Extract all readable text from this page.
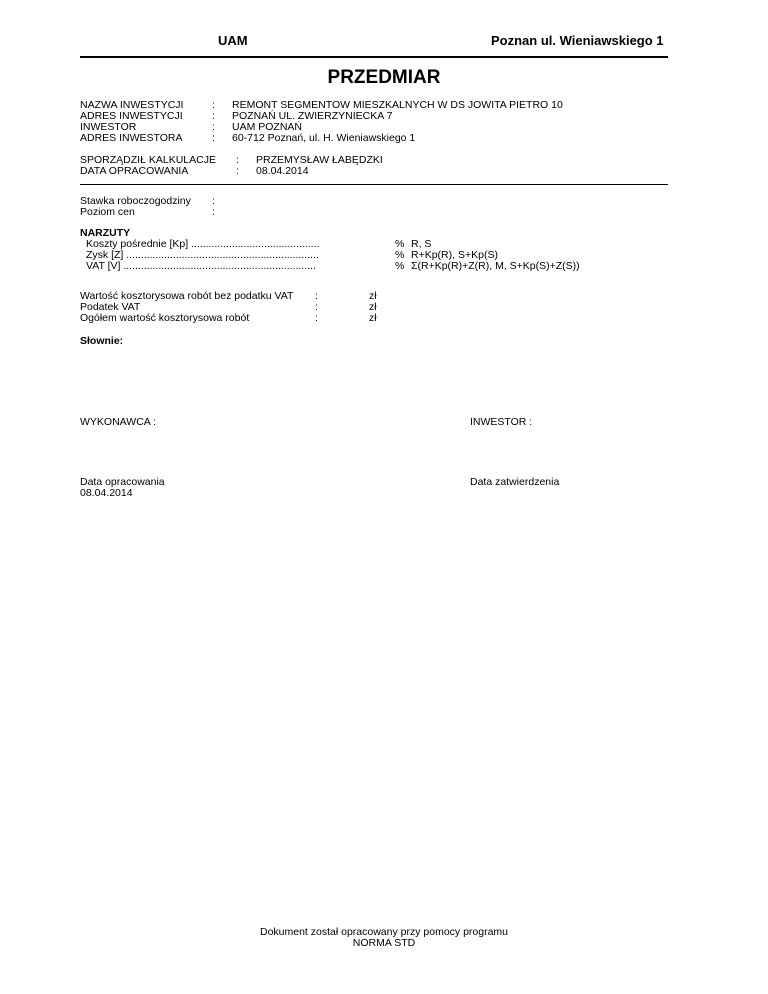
UAM	Poznan ul. Wieniawskiego 1
PRZEDMIAR
NAZWA INWESTYCJI	: REMONT SEGMENTOW MIESZKALNYCH W DS JOWITA PIETRO 10
ADRES INWESTYCJI	: POZNAŃ UL. ZWIERZYNIECKA 7
INWESTOR	: UAM POZNAŃ
ADRES INWESTORA	: 60-712 Poznań, ul. H. Wieniawskiego 1
SPORZĄDZIŁ KALKULACJE : PRZEMYSŁAW ŁABĘDZKI
DATA OPRACOWANIA	: 08.04.2014
Stawka roboczogodziny :
Poziom cen	:
NARZUTY
Koszty pośrednie [Kp] ............................................	% R, S
Zysk [Z] ..................................................................	% R+Kp(R), S+Kp(S)
VAT [V] ..................................................................	% Σ(R+Kp(R)+Z(R), M, S+Kp(S)+Z(S))
Wartość kosztorysowa robót bez podatku VAT :	zł
Podatek VAT	:	zł
Ogółem wartość kosztorysowa robót	:	zł
Słownie:
WYKONAWCA :	INWESTOR :
Data opracowania
08.04.2014
Data zatwierdzenia
Dokument został opracowany przy pomocy programu
NORMA STD
